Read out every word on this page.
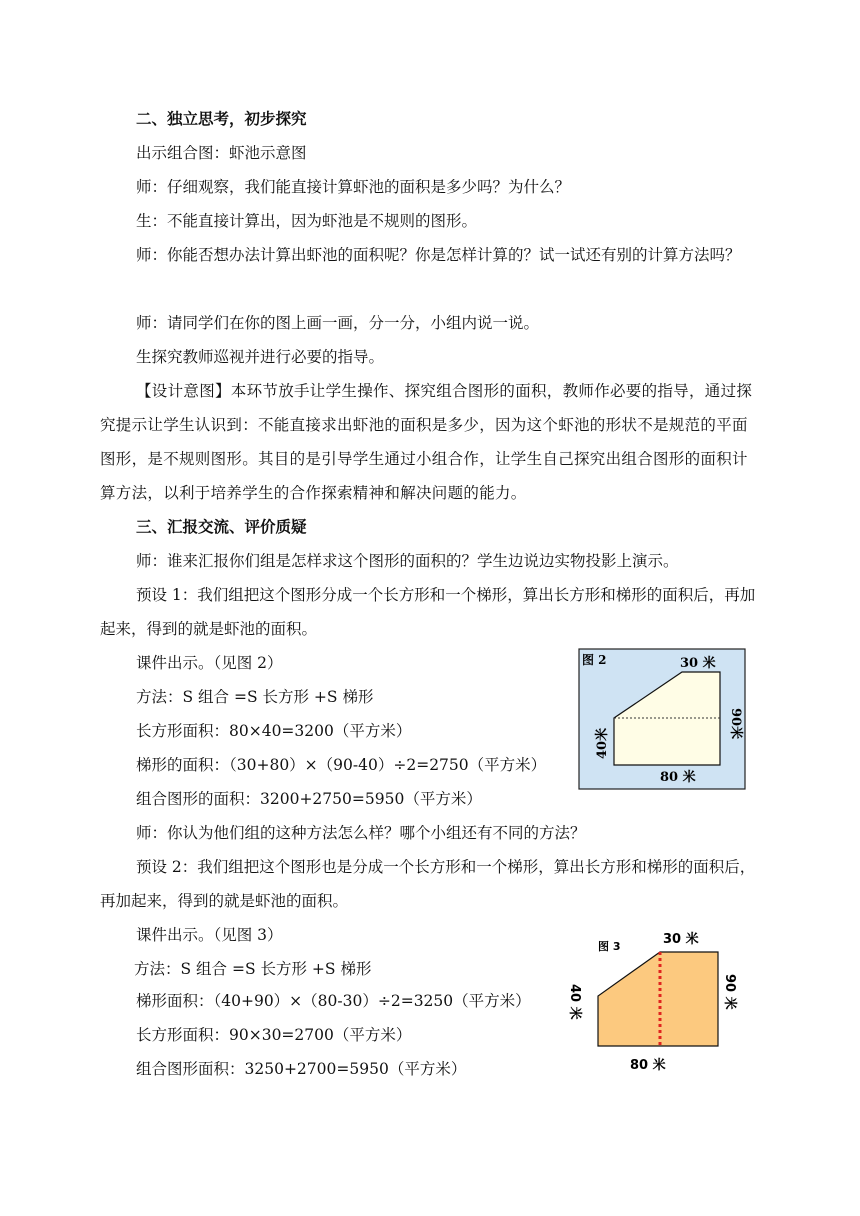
二、独立思考，初步探究
出示组合图：虾池示意图
师：仔细观察，我们能直接计算虾池的面积是多少吗？为什么？
生：不能直接计算出，因为虾池是不规则的图形。
师：你能否想办法计算出虾池的面积呢？你是怎样计算的？试一试还有别的计算方法吗？
师：请同学们在你的图上画一画，分一分，小组内说一说。
生探究教师巡视并进行必要的指导。
【设计意图】本环节放手让学生操作、探究组合图形的面积，教师作必要的指导，通过探究提示让学生认识到：不能直接求出虾池的面积是多少，因为这个虾池的形状不是规范的平面图形，是不规则图形。其目的是引导学生通过小组合作，让学生自己探究出组合图形的面积计算方法，以利于培养学生的合作探索精神和解决问题的能力。
三、汇报交流、评价质疑
师：谁来汇报你们组是怎样求这个图形的面积的？学生边说边实物投影上演示。
预设 1：我们组把这个图形分成一个长方形和一个梯形，算出长方形和梯形的面积后，再加起来，得到的就是虾池的面积。
课件出示。（见图 2）
方法：S 组合 =S 长方形 +S 梯形
长方形面积：80×40=3200（平方米）
梯形的面积：（30+80）×（90-40）÷2=2750（平方米）
组合图形的面积：3200+2750=5950（平方米）
师：你认为他们组的这种方法怎么样？哪个小组还有不同的方法？
预设 2：我们组把这个图形也是分成一个长方形和一个梯形，算出长方形和梯形的面积后，再加起来，得到的就是虾池的面积。
课件出示。（见图 3）
方法：S 组合 =S 长方形 +S 梯形
梯形面积：（40+90）×（80-30）÷2=3250（平方米）
长方形面积：90×30=2700（平方米）
组合图形面积：3250+2700=5950（平方米）
图 2	30 米
80 米
90米
40米
图 3	30 米
80 米
90 米
40 米
